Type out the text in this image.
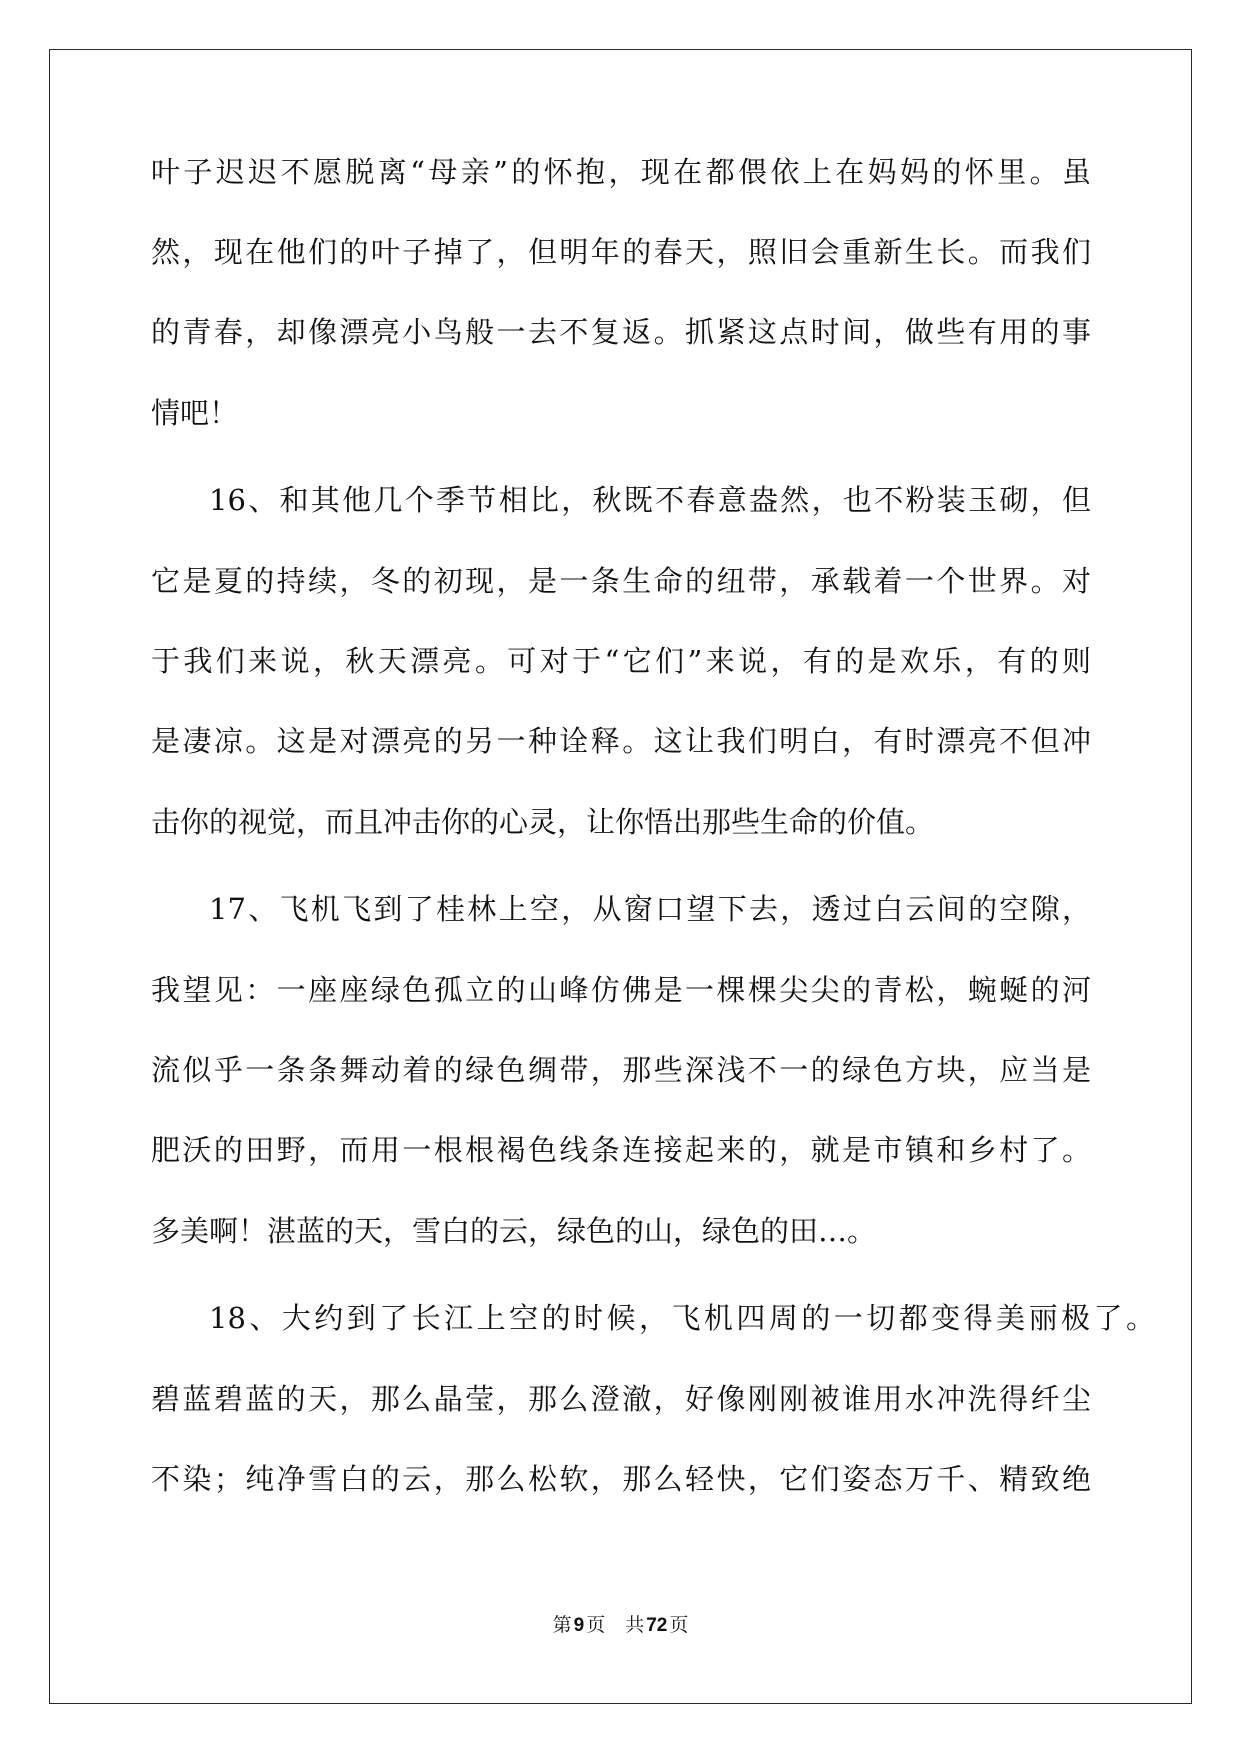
叶子迟迟不愿脱离“母亲”的怀抱，现在都偎依上在妈妈的怀里。虽
然，现在他们的叶子掉了，但明年的春天，照旧会重新生长。而我们
的青春，却像漂亮小鸟般一去不复返。抓紧这点时间，做些有用的事
情吧！
16、和其他几个季节相比，秋既不春意盎然，也不粉装玉砌，但
它是夏的持续，冬的初现，是一条生命的纽带，承载着一个世界。对
于我们来说，秋天漂亮。可对于“它们”来说，有的是欢乐，有的则
是凄凉。这是对漂亮的另一种诠释。这让我们明白，有时漂亮不但冲
击你的视觉，而且冲击你的心灵，让你悟出那些生命的价值。
17、飞机飞到了桂林上空，从窗口望下去，透过白云间的空隙，
我望见：一座座绿色孤立的山峰仿佛是一棵棵尖尖的青松，蜿蜒的河
流似乎一条条舞动着的绿色绸带，那些深浅不一的绿色方块，应当是
肥沃的田野，而用一根根褐色线条连接起来的，就是市镇和乡村了。
多美啊！湛蓝的天，雪白的云，绿色的山，绿色的田…。
18、大约到了长江上空的时候，飞机四周的一切都变得美丽极了。
碧蓝碧蓝的天，那么晶莹，那么澄澈，好像刚刚被谁用水冲洗得纤尘
不染；纯净雪白的云，那么松软，那么轻快，它们姿态万千、精致绝
第 9 页 共 72 页
